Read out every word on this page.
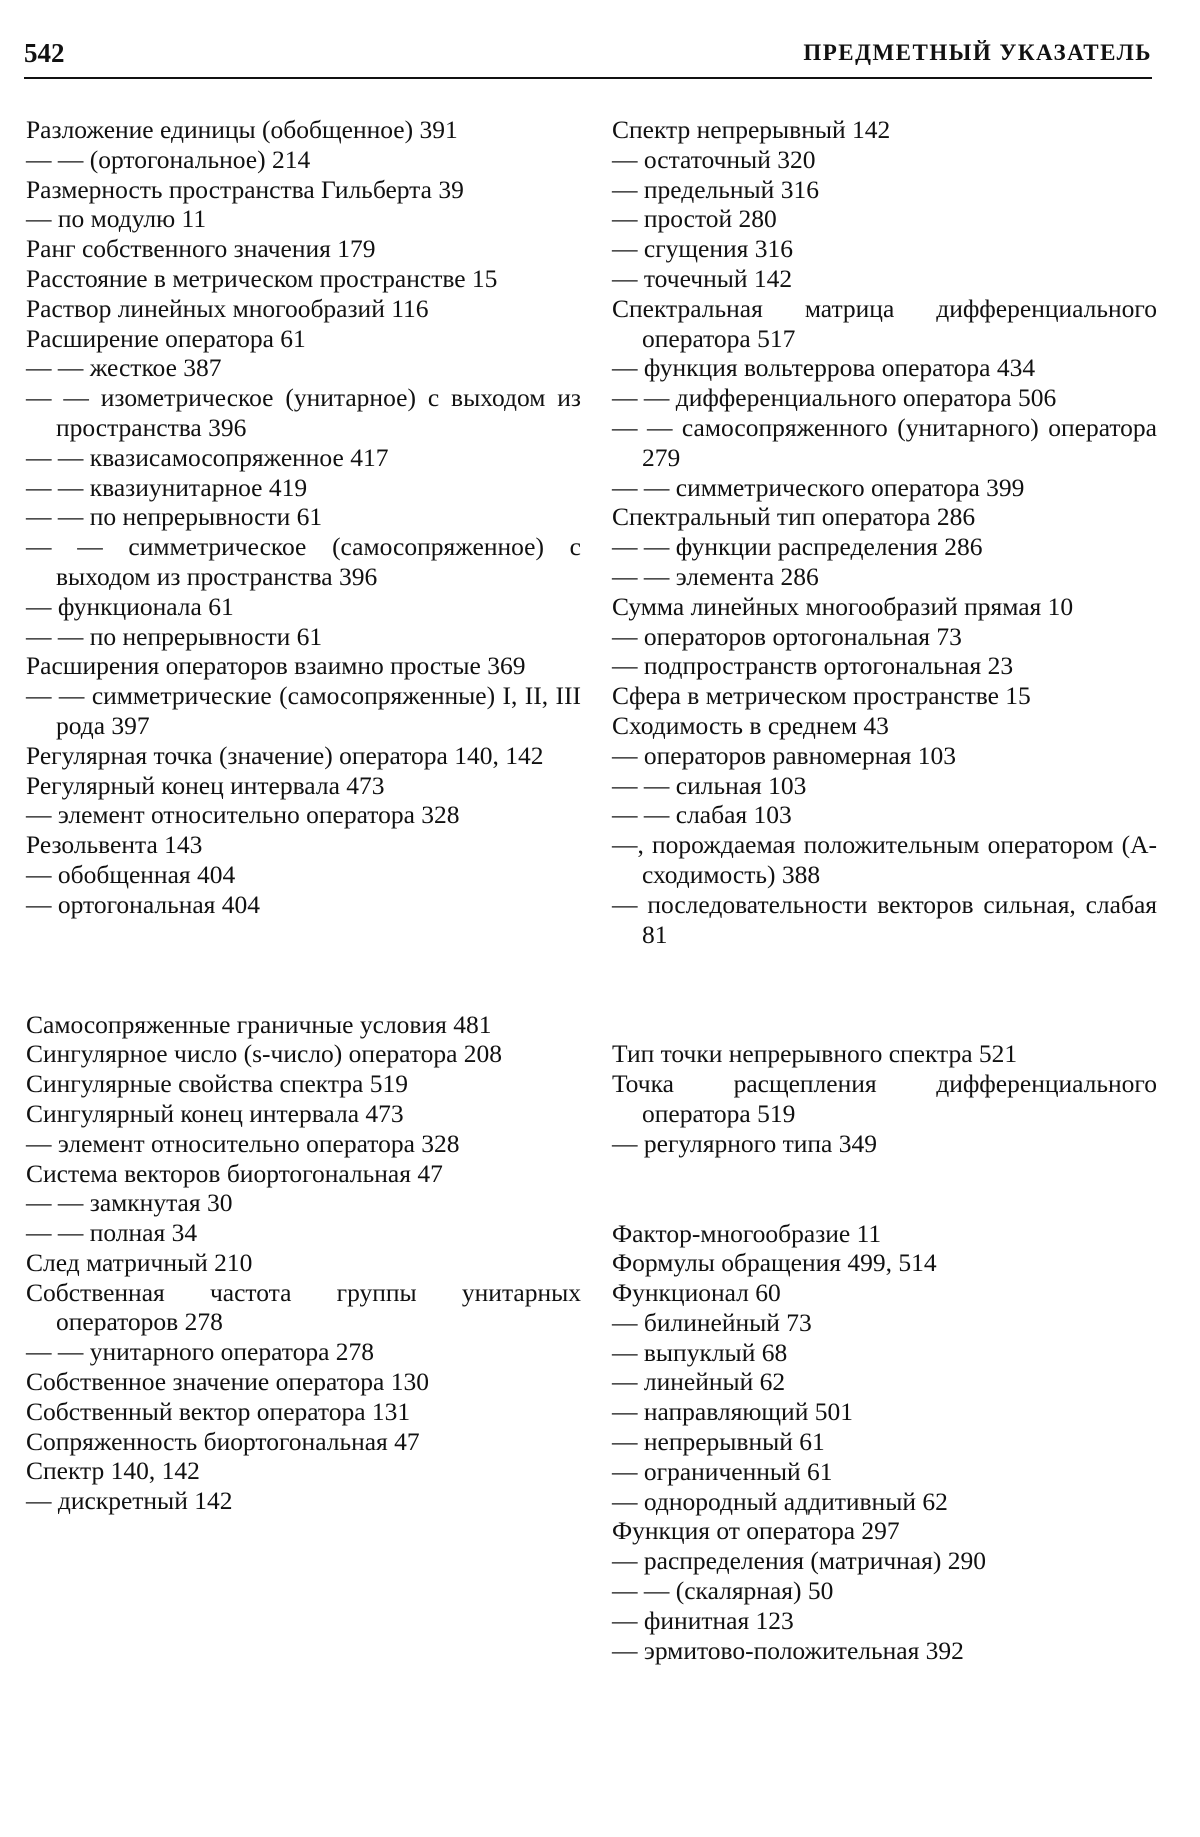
542	ПРЕДМЕТНЫЙ УКАЗАТЕЛЬ

Разложение единицы (обобщенное) 391

— — (ортогональное) 214

Размерность пространства Гильберта 39

— по модулю 11

Ранг собственного значения 179

Расстояние в метрическом пространстве 15

Раствор линейных многообразий 116

Расширение оператора 61

— — жесткое 387

— — изометрическое (унитарное) с выходом из пространства 396

— — квазисамосопряженное 417

— — квазиунитарное 419

— — по непрерывности 61

— — симметрическое (самосопряженное) с выходом из пространства 396

— функционала 61

— — по непрерывности 61

Расширения операторов взаимно простые 369

— — симметрические (самосопряженные) I, II, III рода 397

Регулярная точка (значение) оператора 140, 142

Регулярный конец интервала 473

— элемент относительно оператора 328

Резольвента 143

— обобщенная 404

— ортогональная 404

Самосопряженные граничные условия 481

Сингулярное число (s-число) оператора 208

Сингулярные свойства спектра 519

Сингулярный конец интервала 473

— элемент относительно оператора 328

Система векторов биортогональная 47

— — замкнутая 30

— — полная 34

След матричный 210

Собственная частота группы унитарных операторов 278

— — унитарного оператора 278

Собственное значение оператора 130

Собственный вектор оператора 131

Сопряженность биортогональная 47

Спектр 140, 142

— дискретный 142

Спектр непрерывный 142

— остаточный 320

— предельный 316

— простой 280

— сгущения 316

— точечный 142

Спектральная матрица дифференциального оператора 517

— функция вольтеррова оператора 434

— — дифференциального оператора 506

— — самосопряженного (унитарного) оператора 279

— — симметрического оператора 399

Спектральный тип оператора 286

— — функции распределения 286

— — элемента 286

Сумма линейных многообразий прямая 10

— операторов ортогональная 73

— подпространств ортогональная 23

Сфера в метрическом пространстве 15

Сходимость в среднем 43

— операторов равномерная 103

— — сильная 103

— — слабая 103

—, порождаемая положительным оператором (A-сходимость) 388

— последовательности векторов сильная, слабая 81

Тип точки непрерывного спектра 521

Точка расщепления дифференциального оператора 519

— регулярного типа 349

Фактор-многообразие 11

Формулы обращения 499, 514

Функционал 60

— билинейный 73

— выпуклый 68

— линейный 62

— направляющий 501

— непрерывный 61

— ограниченный 61

— однородный аддитивный 62

Функция от оператора 297

— распределения (матричная) 290

— — (скалярная) 50

— финитная 123

— эрмитово-положительная 392
